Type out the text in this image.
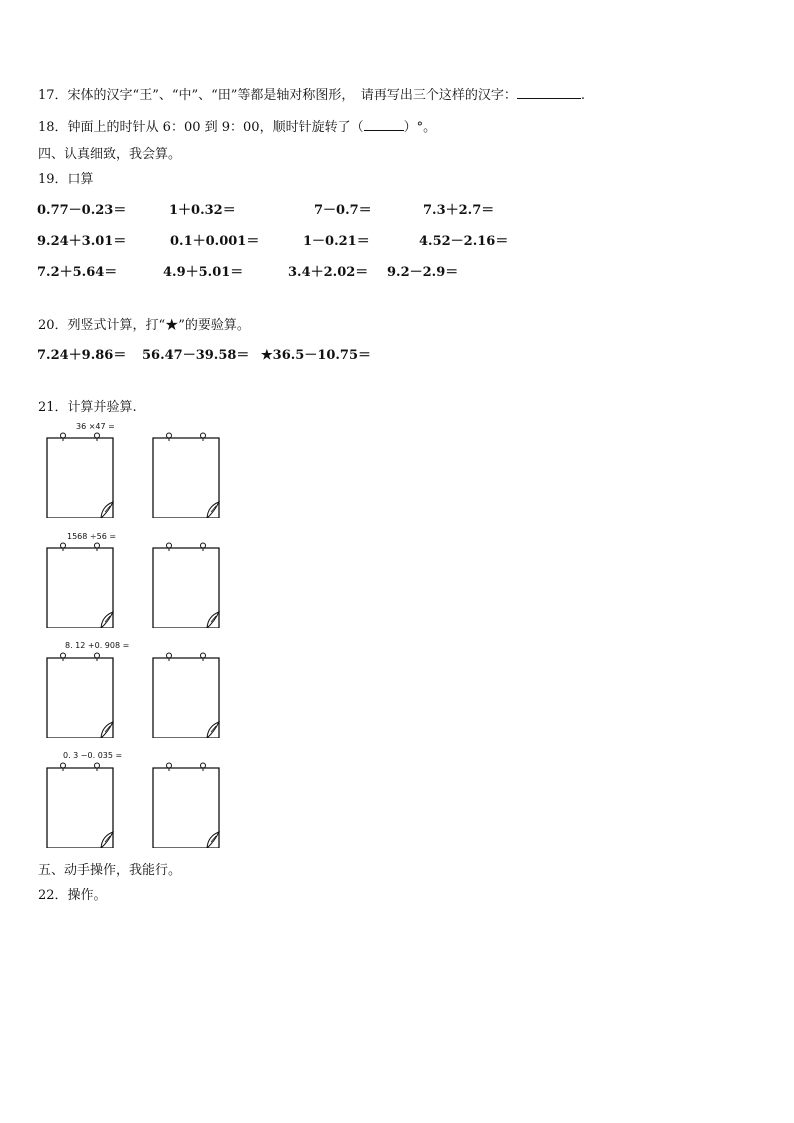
17．宋体的汉字“王”、“中”、“田”等都是轴对称图形，　请再写出三个这样的汉字：	.
18．钟面上的时针从 6：00 到 9：00，顺时针旋转了（	）°。
四、认真细致，我会算。
19．口算
0.77－0.23＝	1＋0.32＝	7－0.7＝	7.3＋2.7＝
9.24＋3.01＝	0.1＋0.001＝	1－0.21＝	4.52－2.16＝
7.2＋5.64＝	4.9＋5.01＝	3.4＋2.02＝ 9.2－2.9＝
20．列竖式计算，打“★”的要验算。
7.24＋9.86＝ 56.47－39.58＝ ★36.5－10.75＝
21．计算并验算.
36 ×47 =
1568 ÷56 =
8. 12 +0. 908 =
0. 3 −0. 035 =
五、动手操作，我能行。
22．操作。
